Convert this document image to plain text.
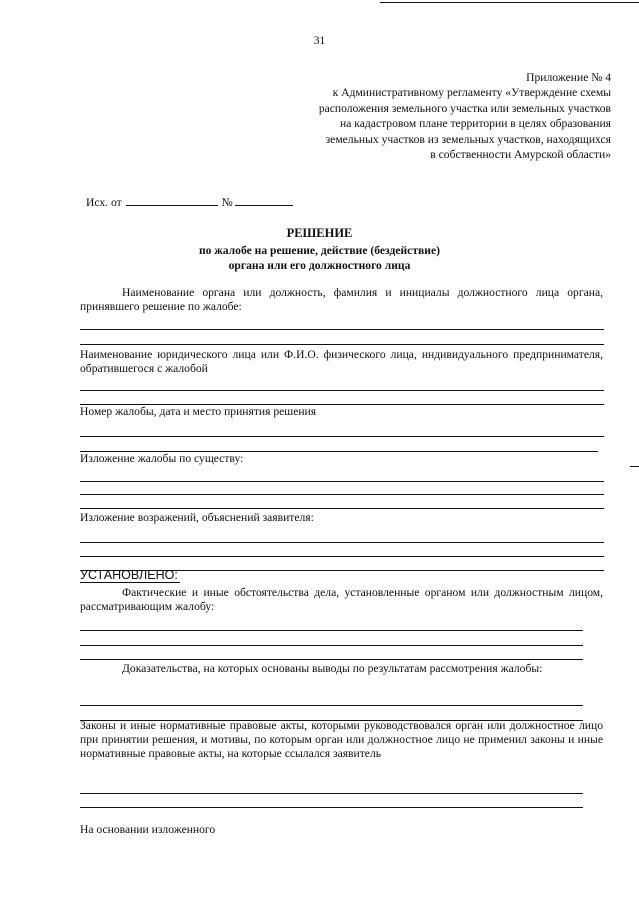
31
Приложение № 4
к Административному регламенту «Утверждение схемы
расположения земельного участка или земельных участков
на кадастровом плане территории в целях образования
земельных участков из земельных участков, находящихся
в собственности Амурской области»
Исх. от	№
РЕШЕНИЕ
по жалобе на решение, действие (бездействие)
органа или его должностного лица
Наименование органа или должность, фамилия и инициалы должностного лица органа, принявшего решение по жалобе:
Наименование юридического лица или Ф.И.О. физического лица, индивидуального предпринимателя, обратившегося с жалобой
Номер жалобы, дата и место принятия решения
Изложение жалобы по существу:
Изложение возражений, объяснений заявителя:
УСТАНОВЛЕНО:
Фактические и иные обстоятельства дела, установленные органом или должностным лицом, рассматривающим жалобу:
Доказательства, на которых основаны выводы по результатам рассмотрения жалобы:
Законы и иные нормативные правовые акты, которыми руководствовался орган или должностное лицо при принятии решения, и мотивы, по которым орган или должностное лицо не применил законы и иные нормативные правовые акты, на которые ссылался заявитель
На основании изложенного
